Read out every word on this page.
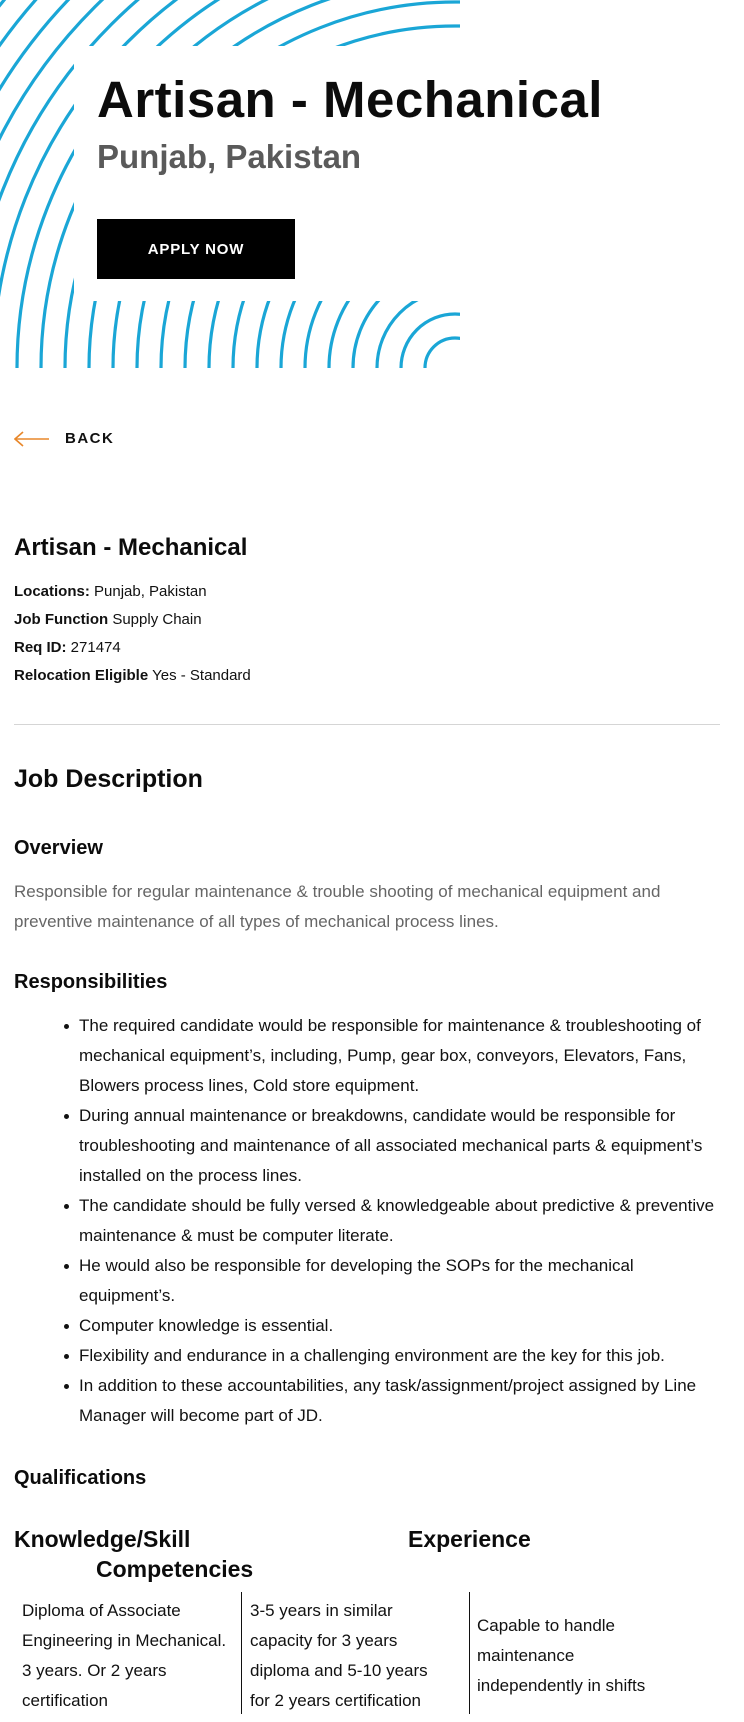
Artisan - Mechanical
Punjab, Pakistan
APPLY NOW
BACK
Artisan - Mechanical
Locations: Punjab, Pakistan
Job Function Supply Chain
Req ID: 271474
Relocation Eligible Yes - Standard
Job Description
Overview

Responsible for regular maintenance & trouble shooting of mechanical equipment and preventive maintenance of all types of mechanical process lines.

Responsibilities
The required candidate would be responsible for maintenance & troubleshooting of mechanical equipment’s, including, Pump, gear box, conveyors, Elevators, Fans, Blowers process lines, Cold store equipment.
During annual maintenance or breakdowns, candidate would be responsible for troubleshooting and maintenance of all associated mechanical parts & equipment’s installed on the process lines.
The candidate should be fully versed & knowledgeable about predictive & preventive maintenance & must be computer literate.
He would also be responsible for developing the SOPs for the mechanical equipment’s.
Computer knowledge is essential.
Flexibility and endurance in a challenging environment are the key for this job.
In addition to these accountabilities, any task/assignment/project assigned by Line Manager will become part of JD.
Qualifications
Knowledge/Skill
Competencies
Experience
Diploma of Associate Engineering in Mechanical. 3 years. Or 2 years certification
3-5 years in similar capacity for 3 years diploma and 5-10 years for 2 years certification
Capable to handle maintenance independently in shifts
